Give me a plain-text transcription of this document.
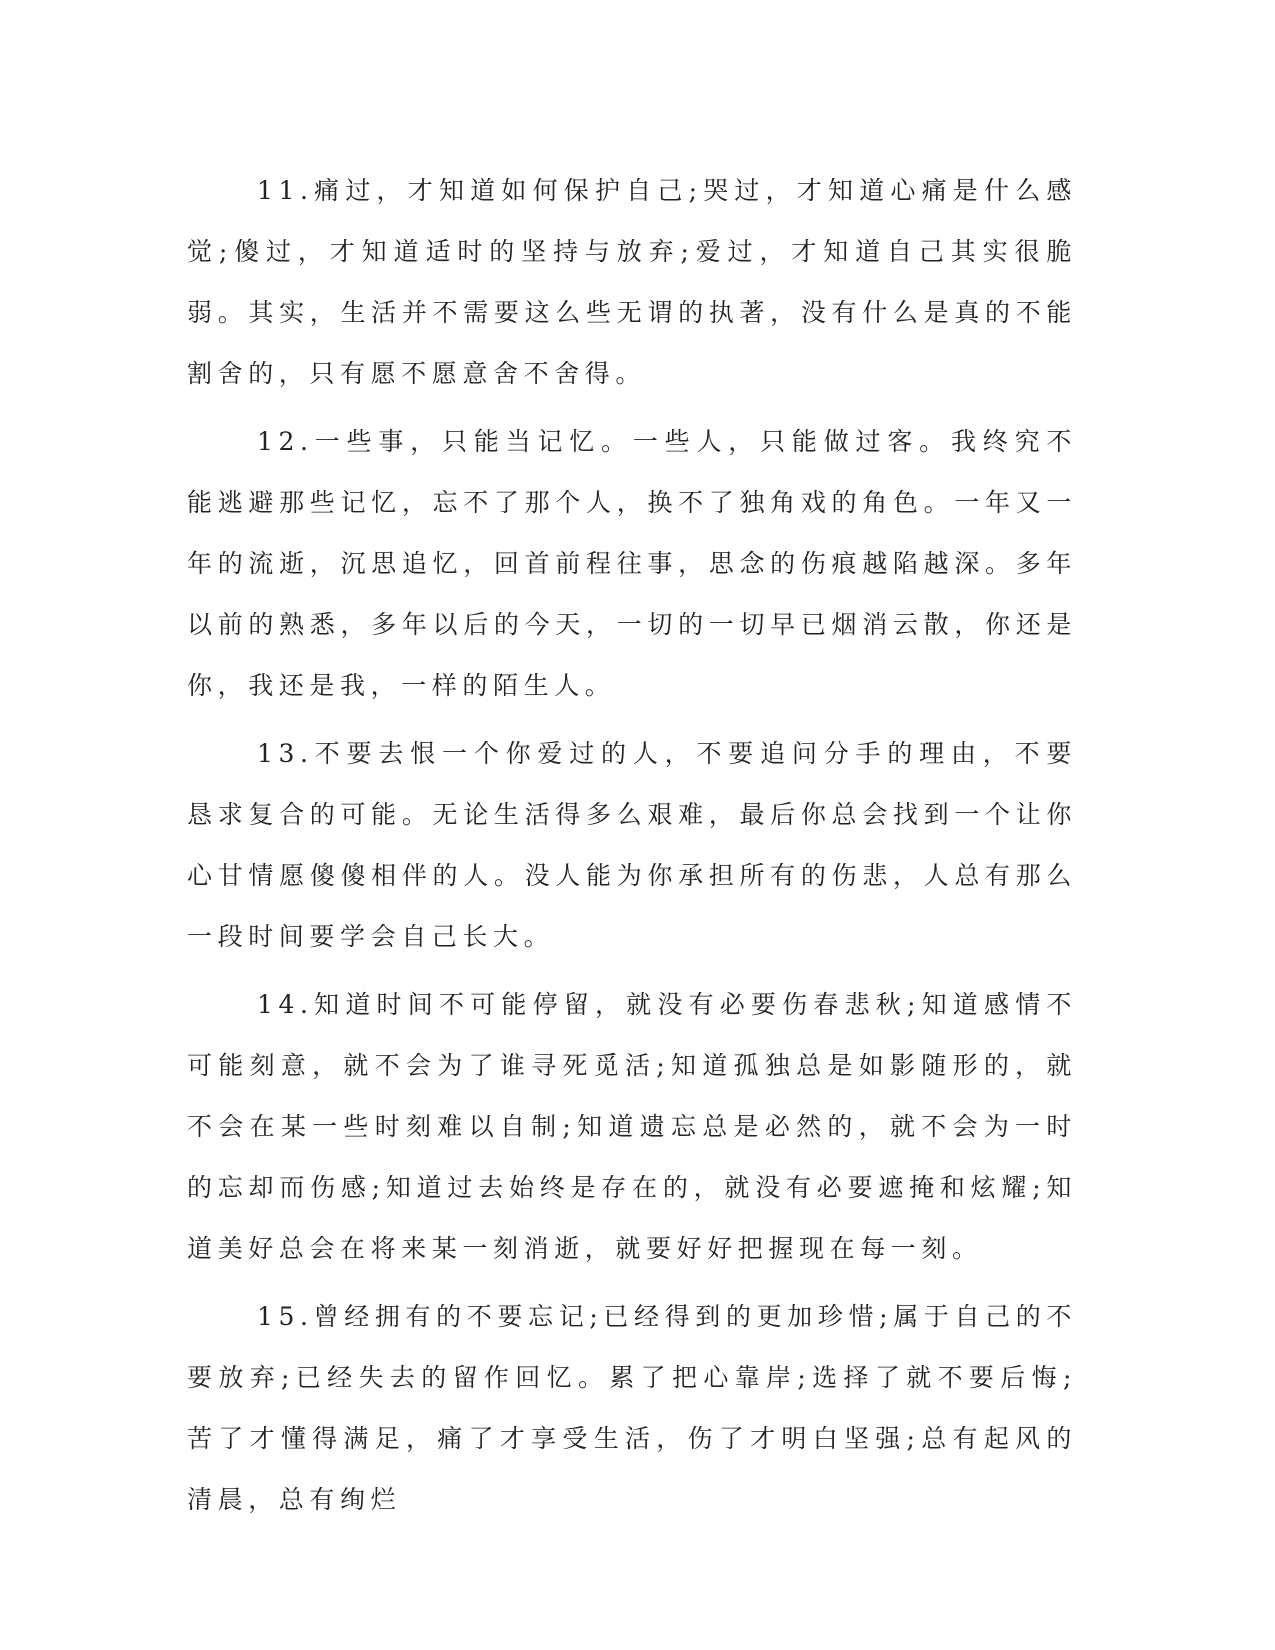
11.痛过，才知道如何保护自己;哭过，才知道心痛是什么感觉;傻过，才知道适时的坚持与放弃;爱过，才知道自己其实很脆弱。其实，生活并不需要这么些无谓的执著，没有什么是真的不能割舍的，只有愿不愿意舍不舍得。

12.一些事，只能当记忆。一些人，只能做过客。我终究不能逃避那些记忆，忘不了那个人，换不了独角戏的角色。一年又一年的流逝，沉思追忆，回首前程往事，思念的伤痕越陷越深。多年以前的熟悉，多年以后的今天，一切的一切早已烟消云散，你还是你，我还是我，一样的陌生人。

13.不要去恨一个你爱过的人，不要追问分手的理由，不要恳求复合的可能。无论生活得多么艰难，最后你总会找到一个让你心甘情愿傻傻相伴的人。没人能为你承担所有的伤悲，人总有那么一段时间要学会自己长大。

14.知道时间不可能停留，就没有必要伤春悲秋;知道感情不可能刻意，就不会为了谁寻死觅活;知道孤独总是如影随形的，就不会在某一些时刻难以自制;知道遗忘总是必然的，就不会为一时的忘却而伤感;知道过去始终是存在的，就没有必要遮掩和炫耀;知道美好总会在将来某一刻消逝，就要好好把握现在每一刻。

15.曾经拥有的不要忘记;已经得到的更加珍惜;属于自己的不要放弃;已经失去的留作回忆。累了把心靠岸;选择了就不要后悔;苦了才懂得满足，痛了才享受生活，伤了才明白坚强;总有起风的清晨，总有绚烂
